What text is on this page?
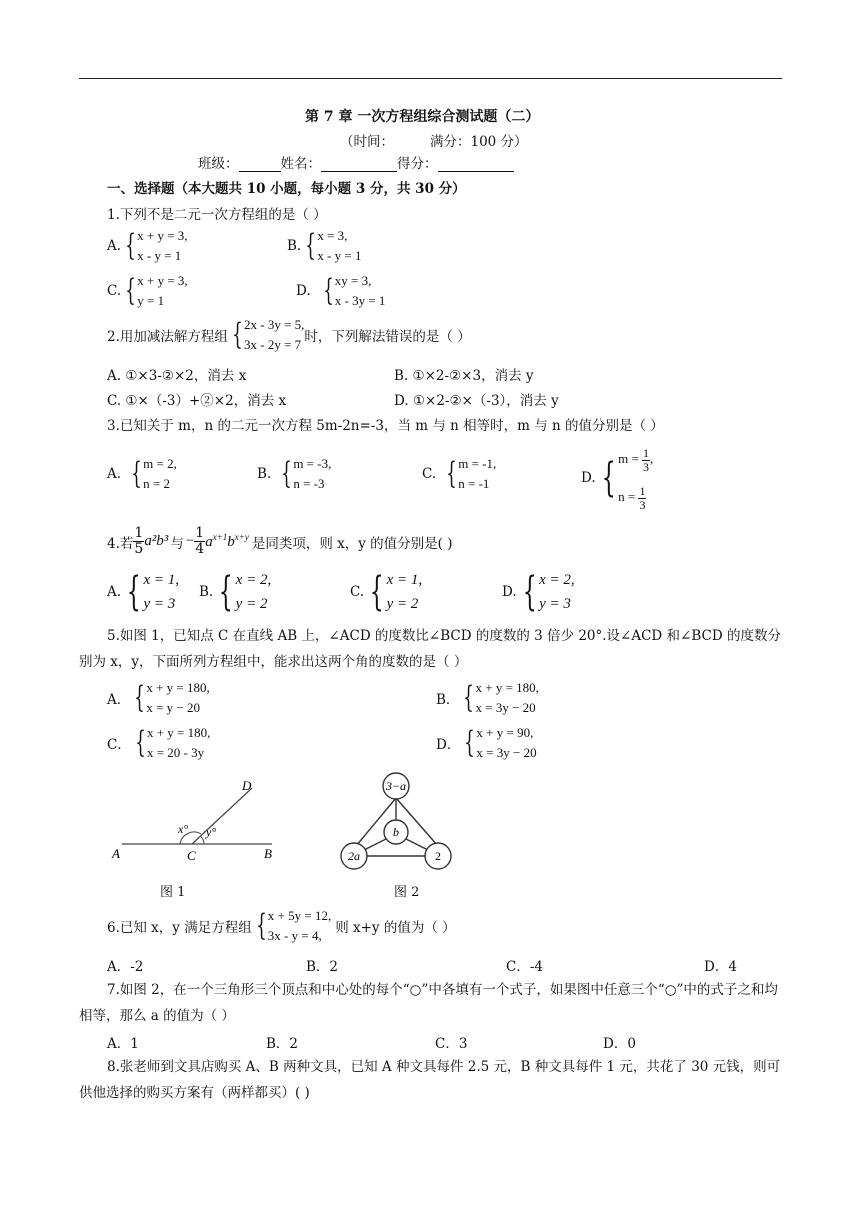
第 7 章 一次方程组综合测试题（二）
（时间：	满分：100 分）
班级：	姓名：	得分：
一、选择题（本大题共 10 小题，每小题 3 分，共 30 分）
1.下列不是二元一次方程组的是（ ）
A. { x + y = 3,
x - y = 1
B. { x = 3,
x - y = 1
C. { x + y = 3,
y = 1
D. { xy = 3,
x - 3y = 1
2.用加减法解方程组 { 2x - 3y = 5,
3x - 2y = 7 时，下列解法错误的是（ ）
A. ①×3-②×2，消去 x	B. ①×2-②×3，消去 y
C. ①×（-3）+②×2，消去 x	D. ①×2-②×（-3），消去 y
3.已知关于 m，n 的二元一次方程 5m-2n=-3，当 m 与 n 相等时，m 与 n 的值分别是（ ）
A. { m = 2,
n = 2
B. { m = -3,
n = -3
C. { m = -1,
n = -1	D. { $m = \frac{1}{3}$ ,
$n = \frac{1}{3}$
4.若 $\frac{1}{5} a^2b^3$ 与 − $\frac{1}{4} a^{x+1}b^{x+y}$ 是同类项，则 x，y 的值分别是( )
A. { x = 1,
y = 3
B. { x = 2,
y = 2
C. { x = 1,
y = 2
D. { x = 2,
y = 3
5.如图 1，已知点 C 在直线 AB 上，∠ACD 的度数比∠BCD 的度数的 3 倍少 20°.设∠ACD 和∠BCD 的度数分别为 x，y，下面所列方程组中，能求出这两个角的度数的是（ ）
A． { x + y = 180,
x = y − 20	B． { x + y = 180,
x = 3y − 20
C． { x + y = 180,
x = 20 - 3y	D． { x + y = 90,
x = 3y − 20
A	C	B
D
x° y°
图 1
3−a
b
2a	2
图 2
6.已知 x，y 满足方程组 { x + 5y = 12,
3x - y = 4,	则 x+y 的值为（ ）
A．-2	B．2	C．-4	D．4
7.如图 2，在一个三角形三个顶点和中心处的每个“○”中各填有一个式子，如果图中任意三个“○”中的式子之和均相等，那么 a 的值为（ ）
A．1	B．2	C．3	D．0
8.张老师到文具店购买 A、B 两种文具，已知 A 种文具每件 2.5 元，B 种文具每件 1 元，共花了 30 元钱，则可供他选择的购买方案有（两样都买）( )
